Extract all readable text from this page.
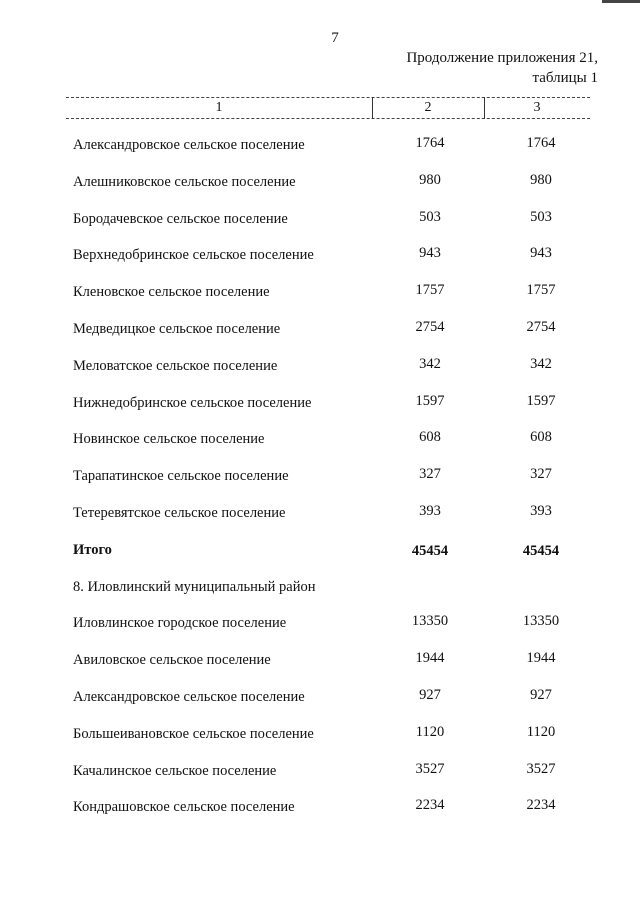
7
Продолжение приложения 21,
таблицы 1
1	2	3
Александровское сельское поселение	1764	1764
Алешниковское сельское поселение	980	980
Бородачевское сельское поселение	503	503
Верхнедобринское сельское поселение	943	943
Кленовское сельское поселение	1757	1757
Медведицкое сельское поселение	2754	2754
Меловатское сельское поселение	342	342
Нижнедобринское сельское поселение	1597	1597
Новинское сельское поселение	608	608
Тарапатинское сельское поселение	327	327
Тетеревятское сельское поселение	393	393
Итого	45454	45454
8. Иловлинский муниципальный район
Иловлинское городское поселение	13350	13350
Авиловское сельское поселение	1944	1944
Александровское сельское поселение	927	927
Большеивановское сельское поселение	1120	1120
Качалинское сельское поселение	3527	3527
Кондрашовское сельское поселение	2234	2234
